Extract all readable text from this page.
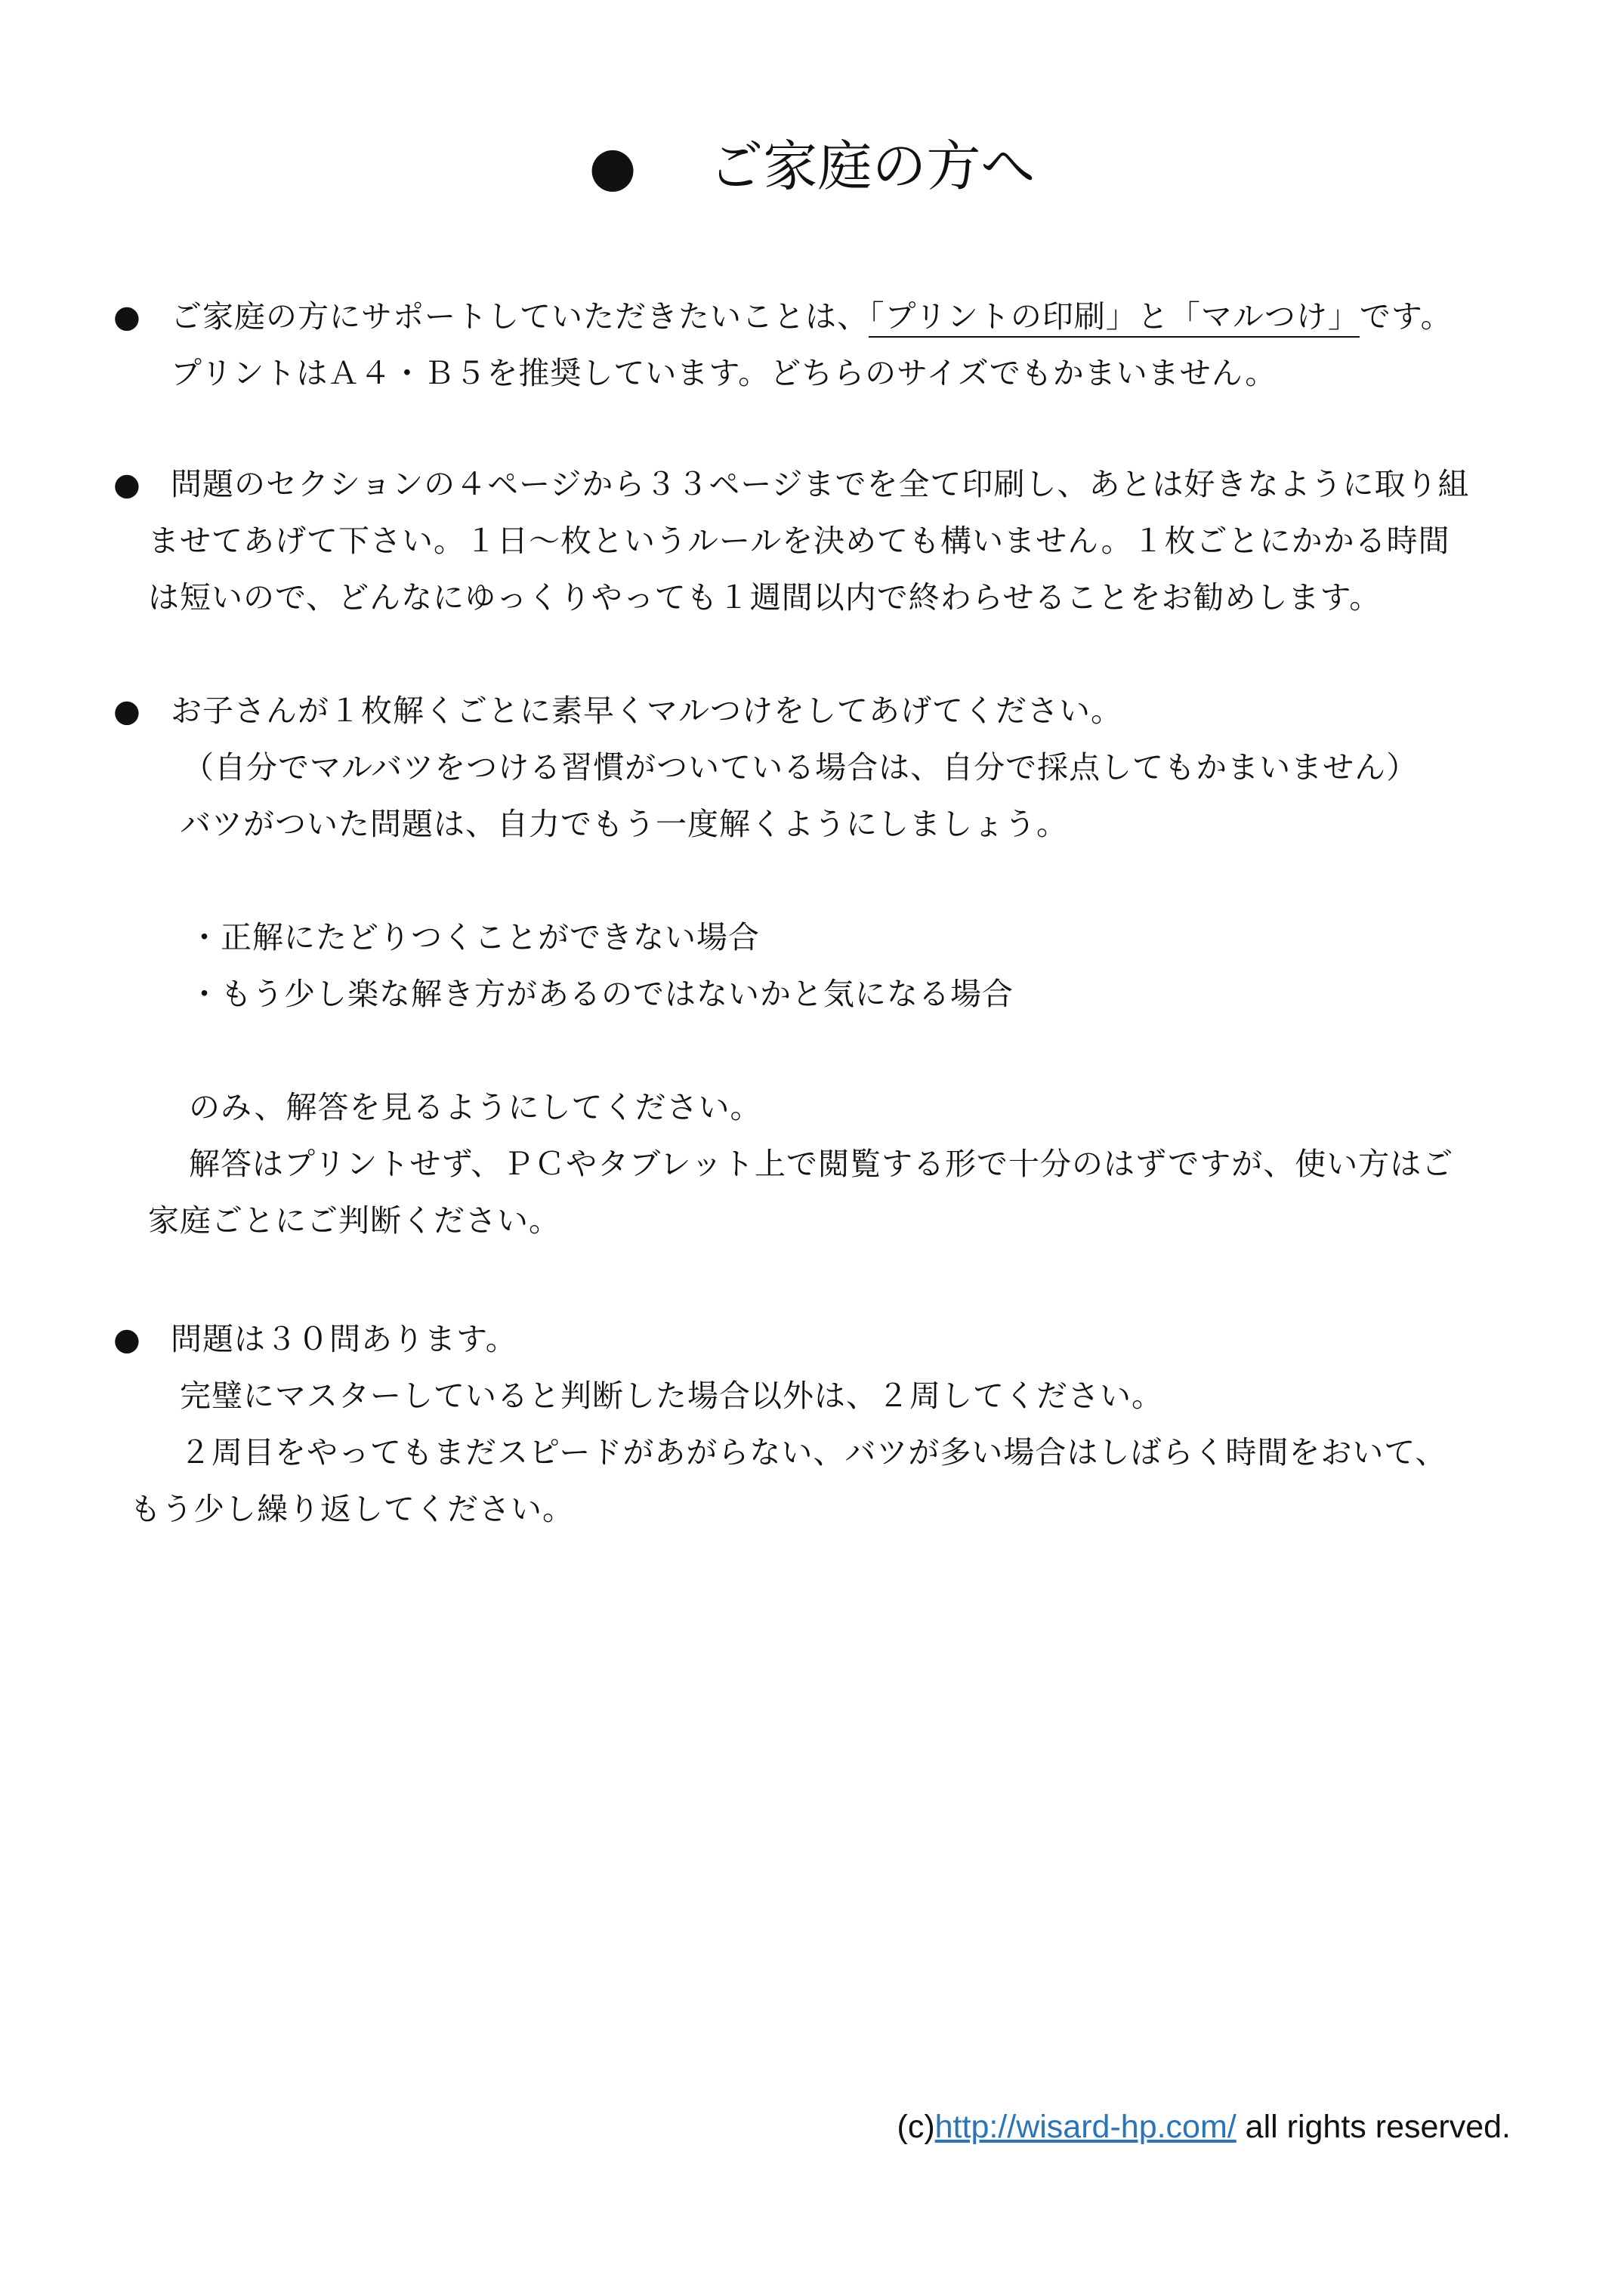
● ご家庭の方へ
● ご家庭の方にサポートしていただきたいことは、「プリントの印刷」と「マルつけ」です。
プリントはＡ４・Ｂ５を推奨しています。どちらのサイズでもかまいません。
● 問題のセクションの４ページから３３ページまでを全て印刷し、あとは好きなように取り組
ませてあげて下さい。１日～枚というルールを決めても構いません。１枚ごとにかかる時間
は短いので、どんなにゆっくりやっても１週間以内で終わらせることをお勧めします。
● お子さんが１枚解くごとに素早くマルつけをしてあげてください。
（自分でマルバツをつける習慣がついている場合は、自分で採点してもかまいません）
バツがついた問題は、自力でもう一度解くようにしましょう。
・正解にたどりつくことができない場合
・もう少し楽な解き方があるのではないかと気になる場合
のみ、解答を見るようにしてください。
解答はプリントせず、ＰＣやタブレット上で閲覧する形で十分のはずですが、使い方はご
家庭ごとにご判断ください。
● 問題は３０問あります。
完璧にマスターしていると判断した場合以外は、２周してください。
２周目をやってもまだスピードがあがらない、バツが多い場合はしばらく時間をおいて、
もう少し繰り返してください。
(c)http://wisard-hp.com/ all rights reserved.
